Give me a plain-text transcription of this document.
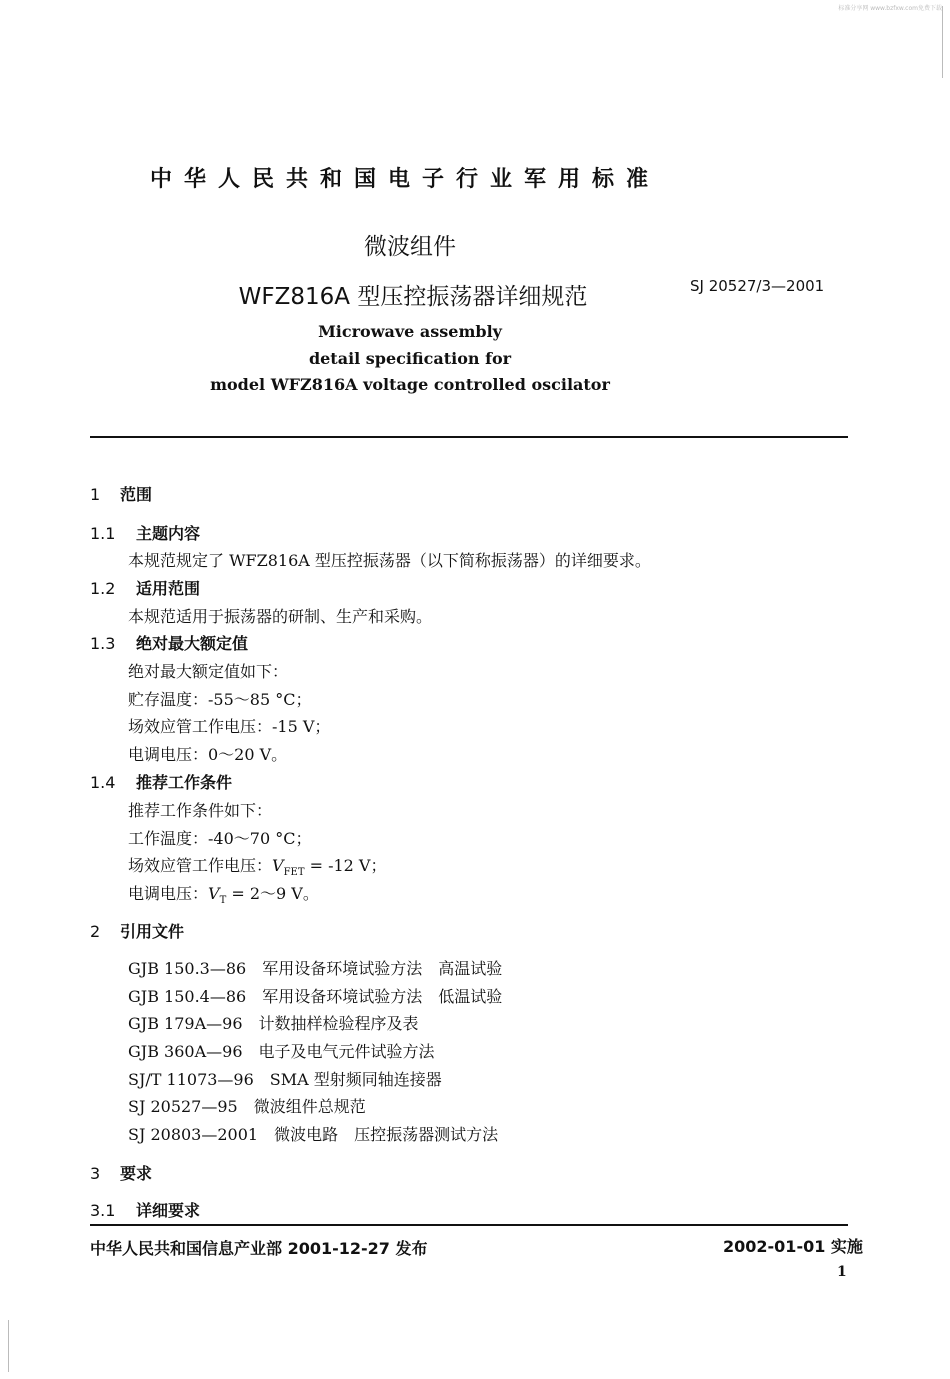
标准分享网 www.bzfxw.com免费下载
中华人民共和国电子行业军用标准
微波组件
WFZ816A 型压控振荡器详细规范	SJ 20527/3—2001
Microwave assembly
detail specification for
model WFZ816A voltage controlled oscilator
1 范围
1.1 主题内容
本规范规定了 WFZ816A 型压控振荡器（以下简称振荡器）的详细要求。
1.2 适用范围
本规范适用于振荡器的研制、生产和采购。
1.3 绝对最大额定值
绝对最大额定值如下：
贮存温度：-55～85 °C；
场效应管工作电压：-15 V；
电调电压：0～20 V。
1.4 推荐工作条件
推荐工作条件如下：
工作温度：-40～70 °C；
场效应管工作电压：$V_{FET} = -12$ V；
电调电压：$V_T$ = 2～9 V。
2 引用文件
GJB 150.3—86　 军用设备环境试验方法　高温试验
GJB 150.4—86　 军用设备环境试验方法　低温试验
GJB 179A—96　 计数抽样检验程序及表
GJB 360A—96　 电子及电气元件试验方法
SJ/T 11073—96　 SMA 型射频同轴连接器
SJ 20527—95　 微波组件总规范
SJ 20803—2001　 微波电路　压控振荡器测试方法
3 要求
3.1 详细要求
中华人民共和国信息产业部 2001-12-27 发布	2002-01-01 实施
1
